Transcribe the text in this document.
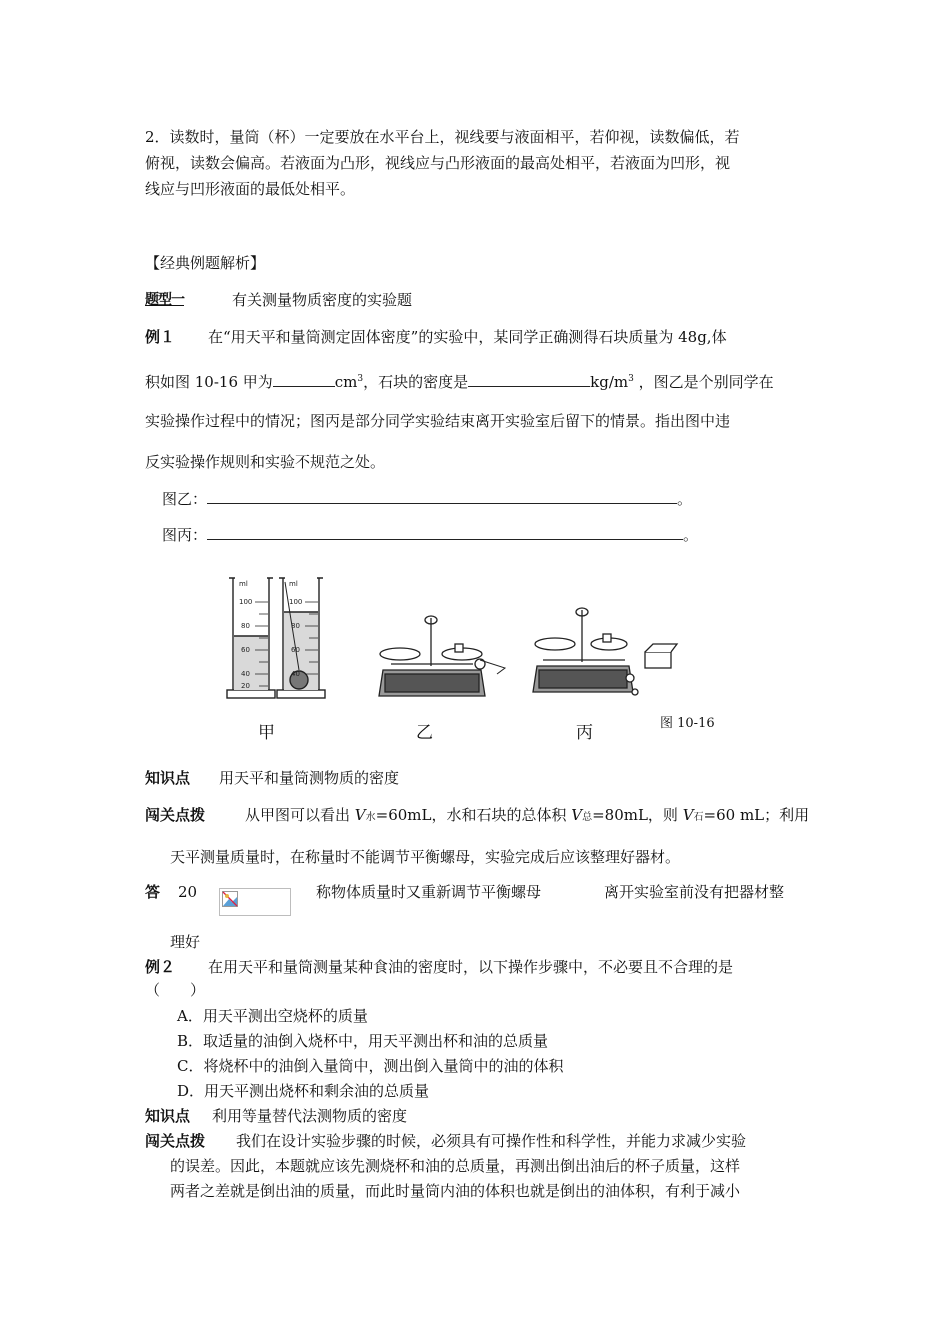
2．读数时，量筒（杯）一定要放在水平台上，视线要与液面相平，若仰视，读数偏低，若
俯视，读数会偏高。若液面为凸形，视线应与凸形液面的最高处相平，若液面为凹形，视
线应与凹形液面的最低处相平。
【经典例题解析】
题型一	有关测量物质密度的实验题
例１ 在“用天平和量筒测定固体密度”的实验中，某同学正确测得石块质量为 48g,体
积如图 10-16 甲为	$cm^3$，石块的密度是	$kg/m^3$ ，图乙是个别同学在
实验操作过程中的情况；图丙是部分同学实验结束离开实验室后留下的情景。指出图中违
反实验操作规则和实验不规范之处。
图乙：	。
图丙：	。
ml
100
80
60
40
20
ml
100
80
60
40
甲	乙	丙	图 10-16
知识点 用天平和量筒测物质的密度
闯关点拨	从甲图可以看出 V水=60mL，水和石块的总体积 V总=80mL，则 V石=60 mL；利用
天平测量质量时，在称量时不能调节平衡螺母，实验完成后应该整理好器材。
答 20	称物体质量时又重新调节平衡螺母	离开实验室前没有把器材整
理好
例２ 在用天平和量筒测量某种食油的密度时，以下操作步骤中，不必要且不合理的是
（　　）
A．用天平测出空烧杯的质量
B．取适量的油倒入烧杯中，用天平测出杯和油的总质量
C．将烧杯中的油倒入量筒中，测出倒入量筒中的油的体积
D．用天平测出烧杯和剩余油的总质量
知识点 利用等量替代法测物质的密度
闯关点拨 我们在设计实验步骤的时候，必须具有可操作性和科学性，并能力求减少实验
的误差。因此，本题就应该先测烧杯和油的总质量，再测出倒出油后的杯子质量，这样
两者之差就是倒出油的质量，而此时量筒内油的体积也就是倒出的油体积，有利于减小
